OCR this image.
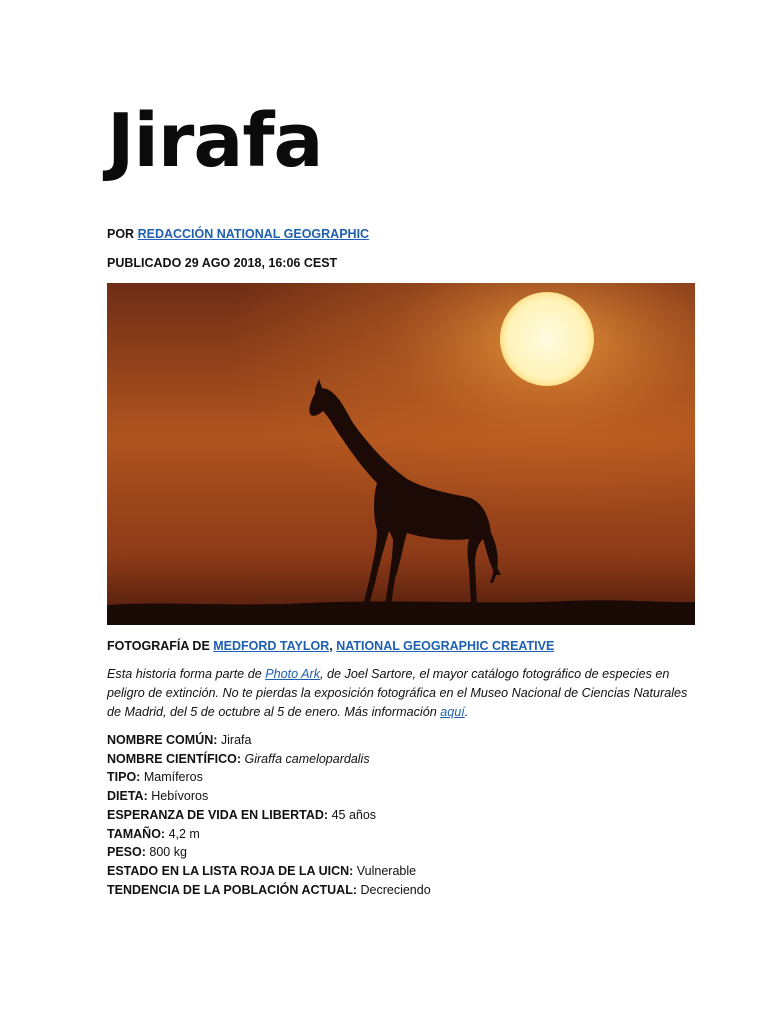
Jirafa
POR REDACCIÓN NATIONAL GEOGRAPHIC
PUBLICADO 29 AGO 2018, 16:06 CEST
FOTOGRAFÍA DE MEDFORD TAYLOR, NATIONAL GEOGRAPHIC CREATIVE

Esta historia forma parte de Photo Ark, de Joel Sartore, el mayor catálogo fotográfico de especies en peligro de extinción. No te pierdas la exposición fotográfica en el Museo Nacional de Ciencias Naturales de Madrid, del 5 de octubre al 5 de enero. Más información aquí.

NOMBRE COMÚN: Jirafa
NOMBRE CIENTÍFICO: Giraffa camelopardalis
TIPO: Mamíferos
DIETA: Hebívoros
ESPERANZA DE VIDA EN LIBERTAD: 45 años
TAMAÑO: 4,2 m
PESO: 800 kg
ESTADO EN LA LISTA ROJA DE LA UICN: Vulnerable
TENDENCIA DE LA POBLACIÓN ACTUAL: Decreciendo
